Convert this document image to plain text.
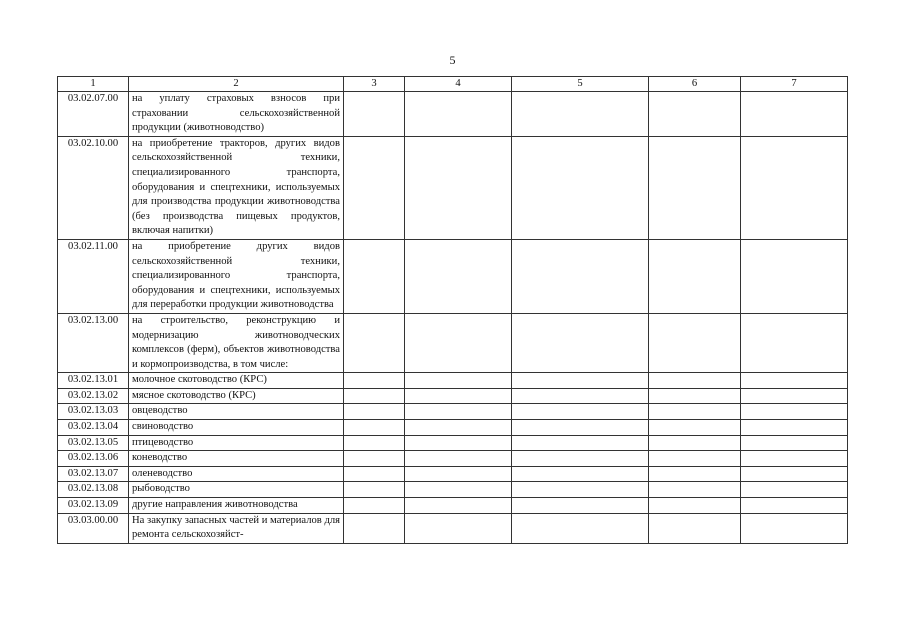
5
1	2	3	4	5	6	7
03.02.07.00	на уплату страховых взносов при страховании сельскохозяйственной продукции (животноводство)					
03.02.10.00	на приобретение тракторов, других видов сельскохозяйственной техники, специализированного транспорта, оборудования и спецтехники, используемых для производства продукции животноводства (без производства пищевых продуктов, включая напитки)					
03.02.11.00	на приобретение других видов сельскохозяйственной техники, специализированного транспорта, оборудования и спецтехники, используемых для переработки продукции животноводства					
03.02.13.00	на строительство, реконструкцию и модернизацию животноводческих комплексов (ферм), объектов животноводства и кормопроизводства, в том числе:					
03.02.13.01	молочное скотоводство (КРС)					
03.02.13.02	мясное скотоводство (КРС)					
03.02.13.03	овцеводство					
03.02.13.04	свиноводство					
03.02.13.05	птицеводство					
03.02.13.06	коневодство					
03.02.13.07	оленеводство					
03.02.13.08	рыбоводство					
03.02.13.09	другие направления животноводства					
03.03.00.00	На закупку запасных частей и материалов для ремонта сельскохозяйст-					
